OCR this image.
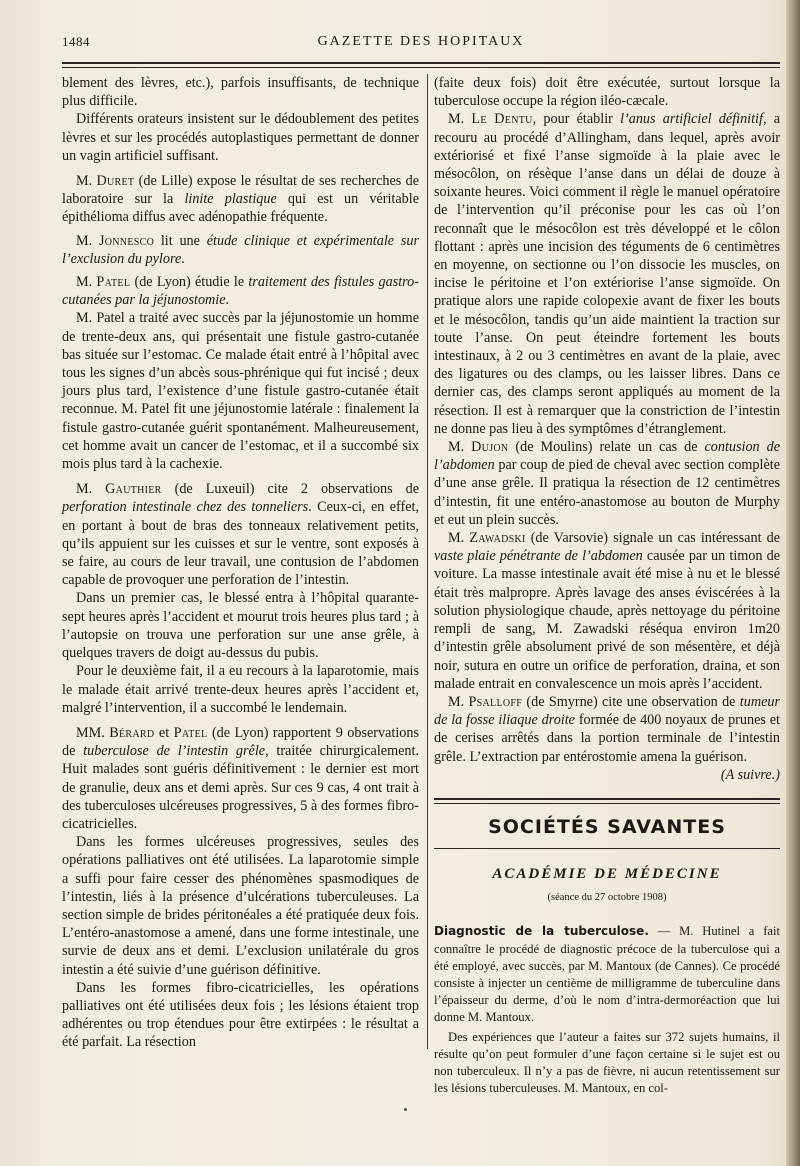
1484	GAZETTE DES HOPITAUX

blement des lèvres, etc.), parfois insuffisants, de technique plus difficile.

Différents orateurs insistent sur le dédoublement des petites lèvres et sur les procédés autoplastiques permettant de donner un vagin artificiel suffisant.

M. Duret (de Lille) expose le résultat de ses recherches de laboratoire sur la linite plastique qui est un véritable épithélioma diffus avec adénopathie fréquente.

M. Jonnesco lit une étude clinique et expérimentale sur l’exclusion du pylore.

M. Patel (de Lyon) étudie le traitement des fistules gastro-cutanées par la jéjunostomie.

M. Patel a traité avec succès par la jéjunostomie un homme de trente-deux ans, qui présentait une fistule gastro-cutanée bas située sur l’estomac. Ce malade était entré à l’hôpital avec tous les signes d’un abcès sous-phrénique qui fut incisé ; deux jours plus tard, l’existence d’une fistule gastro-cutanée était reconnue. M. Patel fit une jéjunostomie latérale : finalement la fistule gastro-cutanée guérit spontanément. Malheureusement, cet homme avait un cancer de l’estomac, et il a succombé six mois plus tard à la cachexie.

M. Gauthier (de Luxeuil) cite 2 observations de perforation intestinale chez des tonneliers. Ceux-ci, en effet, en portant à bout de bras des tonneaux relativement petits, qu’ils appuient sur les cuisses et sur le ventre, sont exposés à se faire, au cours de leur travail, une contusion de l’abdomen capable de provoquer une perforation de l’intestin.

Dans un premier cas, le blessé entra à l’hôpital quarante-sept heures après l’accident et mourut trois heures plus tard ; à l’autopsie on trouva une perforation sur une anse grêle, à quelques travers de doigt au-dessus du pubis.

Pour le deuxième fait, il a eu recours à la laparotomie, mais le malade était arrivé trente-deux heures après l’accident et, malgré l’intervention, il a succombé le lendemain.

MM. Bérard et Patel (de Lyon) rapportent 9 observations de tuberculose de l’intestin grêle, traitée chirurgicalement. Huit malades sont guéris définitivement : le dernier est mort de granulie, deux ans et demi après. Sur ces 9 cas, 4 ont trait à des tuberculoses ulcéreuses progressives, 5 à des formes fibro-cicatricielles.

Dans les formes ulcéreuses progressives, seules des opérations palliatives ont été utilisées. La laparotomie simple a suffi pour faire cesser des phénomènes spasmodiques de l’intestin, liés à la présence d’ulcérations tuberculeuses. La section simple de brides péritonéales a été pratiquée deux fois. L’entéro-anastomose a amené, dans une forme intestinale, une survie de deux ans et demi. L’exclusion unilatérale du gros intestin a été suivie d’une guérison définitive.

Dans les formes fibro-cicatricielles, les opérations palliatives ont été utilisées deux fois ; les lésions étaient trop adhérentes ou trop étendues pour être extirpées : le résultat a été parfait. La résection

(faite deux fois) doit être exécutée, surtout lorsque la tuberculose occupe la région iléo-cæcale.

M. Le Dentu, pour établir l’anus artificiel définitif, a recouru au procédé d’Allingham, dans lequel, après avoir extériorisé et fixé l’anse sigmoïde à la plaie avec le mésocôlon, on résèque l’anse dans un délai de douze à soixante heures. Voici comment il règle le manuel opératoire de l’intervention qu’il préconise pour les cas où l’on reconnaît que le mésocôlon est très développé et le côlon flottant : après une incision des téguments de 6 centimètres en moyenne, on sectionne ou l’on dissocie les muscles, on incise le péritoine et l’on extériorise l’anse sigmoïde. On pratique alors une rapide colopexie avant de fixer les bouts et le mésocôlon, tandis qu’un aide maintient la traction sur toute l’anse. On peut éteindre fortement les bouts intestinaux, à 2 ou 3 centimètres en avant de la plaie, avec des ligatures ou des clamps, ou les laisser libres. Dans ce dernier cas, des clamps seront appliqués au moment de la résection. Il est à remarquer que la constriction de l’intestin ne donne pas lieu à des symptômes d’étranglement.

M. Dujon (de Moulins) relate un cas de contusion de l’abdomen par coup de pied de cheval avec section complète d’une anse grêle. Il pratiqua la résection de 12 centimètres d’intestin, fit une entéro-anastomose au bouton de Murphy et eut un plein succès.

M. Zawadski (de Varsovie) signale un cas intéressant de vaste plaie pénétrante de l’abdomen causée par un timon de voiture. La masse intestinale avait été mise à nu et le blessé était très malpropre. Après lavage des anses éviscérées à la solution physiologique chaude, après nettoyage du péritoine rempli de sang, M. Zawadski réséqua environ 1m20 d’intestin grêle absolument privé de son mésentère, et déjà noir, sutura en outre un orifice de perforation, draina, et son malade entrait en convalescence un mois après l’accident.

M. Psalloff (de Smyrne) cite une observation de tumeur de la fosse iliaque droite formée de 400 noyaux de prunes et de cerises arrêtés dans la portion terminale de l’intestin grêle. L’extraction par entérostomie amena la guérison.
(A suivre.)

SOCIÉTÉS SAVANTES
ACADÉMIE DE MÉDECINE
(séance du 27 octobre 1908)

Diagnostic de la tuberculose. — M. Hutinel a fait connaître le procédé de diagnostic précoce de la tuberculose qui a été employé, avec succès, par M. Mantoux (de Cannes). Ce procédé consiste à injecter un centième de milligramme de tuberculine dans l’épaisseur du derme, d’où le nom d’intra-dermoréaction que lui donne M. Mantoux.

Des expériences que l’auteur a faites sur 372 sujets humains, il résulte qu’on peut formuler d’une façon certaine si le sujet est ou non tuberculeux. Il n’y a pas de fièvre, ni aucun retentissement sur les lésions tuberculeuses. M. Mantoux, en col-
